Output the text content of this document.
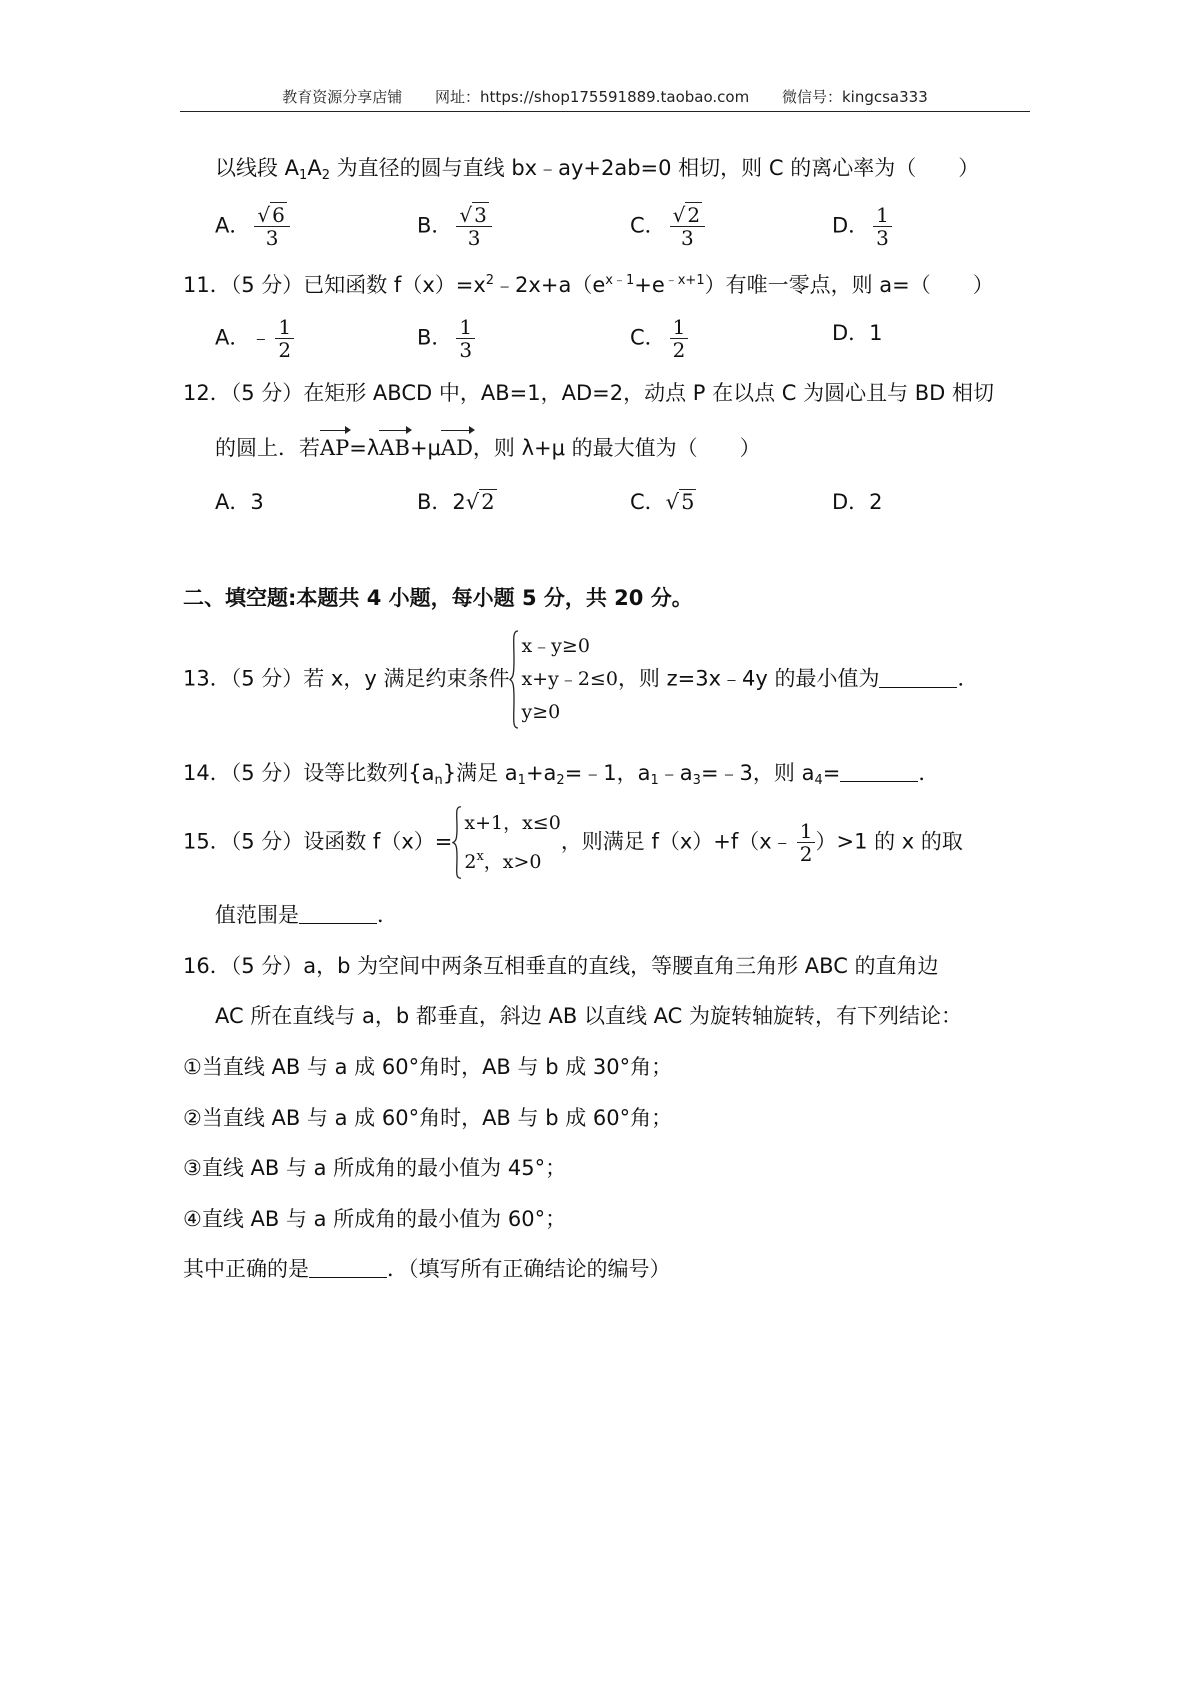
教育资源分享店铺 网址：https://shop175591889.taobao.com 微信号：kingcsa333
以线段 $A_1A_2$ 为直径的圆与直线 bx﹣ay+2ab=0 相切，则 C 的离心率为（　　）
A． $\frac{√ 6}{3}$	B． $\frac{√ 3}{3}$	C． $\frac{√ 2}{3}$	D． $\frac{1}{3}$
11．（5 分）已知函数 $f(x)=x^2﹣2x+a(e^{x﹣1}+e^{﹣x+1})$有唯一零点，则 a=（　　）
A．﹣ $\frac{1}{2}$	B． $\frac{1}{3}$	C． $\frac{1}{2}$	D．1
12．（5 分）在矩形 ABCD 中，AB=1，AD=2，动点 P 在以点 C 为圆心且与 BD 相切
的圆上．若AP=λAB+μAD，则 λ+μ 的最大值为（　　）
A．3	B．2√2	C．√5	D．2
二、填空题:本题共 4 小题，每小题 5 分，共 20 分。
13．（5 分）若 x，y 满足约束条件
x﹣y≥0
x+y﹣2≤0
y≥0
，则 z=3x﹣4y 的最小值为	．
14．（5 分）设等比数列$\{a_n\}$满足 $a_1+a_2=﹣1$，$a_1﹣a_3=﹣3$，则 $a_4=$	．
15．（5 分）设函数 f（x）=
x+1，x≤0
2$^x$，x>0
，则满足 f（x）+f（x﹣ $\frac{1}{2} )>1$ 的 x 的取
值范围是	．
16．（5 分）a，b 为空间中两条互相垂直的直线，等腰直角三角形 ABC 的直角边
AC 所在直线与 a，b 都垂直，斜边 AB 以直线 AC 为旋转轴旋转，有下列结论：
①当直线 AB 与 a 成 60°角时，AB 与 b 成 30°角；
②当直线 AB 与 a 成 60°角时，AB 与 b 成 60°角；
③直线 AB 与 a 所成角的最小值为 45°；
④直线 AB 与 a 所成角的最小值为 60°；
其中正确的是	．（填写所有正确结论的编号）
